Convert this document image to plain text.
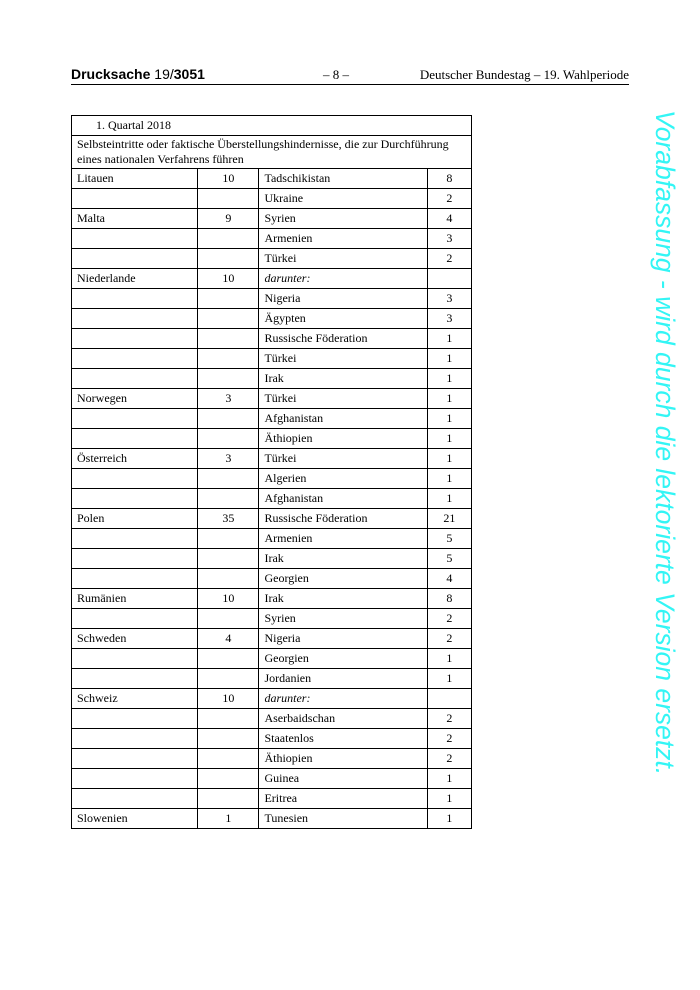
Drucksache 19/3051	– 8 –	Deutscher Bundestag – 19. Wahlperiode
1. Quartal 2018			
Selbsteintritte oder faktische Überstellungshindernisse, die zur Durchführung eines nationalen Verfahrens führen			
Litauen	10	Tadschikistan	8
		Ukraine	2
Malta	9	Syrien	4
		Armenien	3
		Türkei	2
Niederlande	10	darunter:	
		Nigeria	3
		Ägypten	3
		Russische Föderation	1
		Türkei	1
		Irak	1
Norwegen	3	Türkei	1
		Afghanistan	1
		Äthiopien	1
Österreich	3	Türkei	1
		Algerien	1
		Afghanistan	1
Polen	35	Russische Föderation	21
		Armenien	5
		Irak	5
		Georgien	4
Rumänien	10	Irak	8
		Syrien	2
Schweden	4	Nigeria	2
		Georgien	1
		Jordanien	1
Schweiz	10	darunter:	
		Aserbaidschan	2
		Staatenlos	2
		Äthiopien	2
		Guinea	1
		Eritrea	1
Slowenien	1	Tunesien	1
Vorabfassung - wird durch die lektorierte Version ersetzt.
